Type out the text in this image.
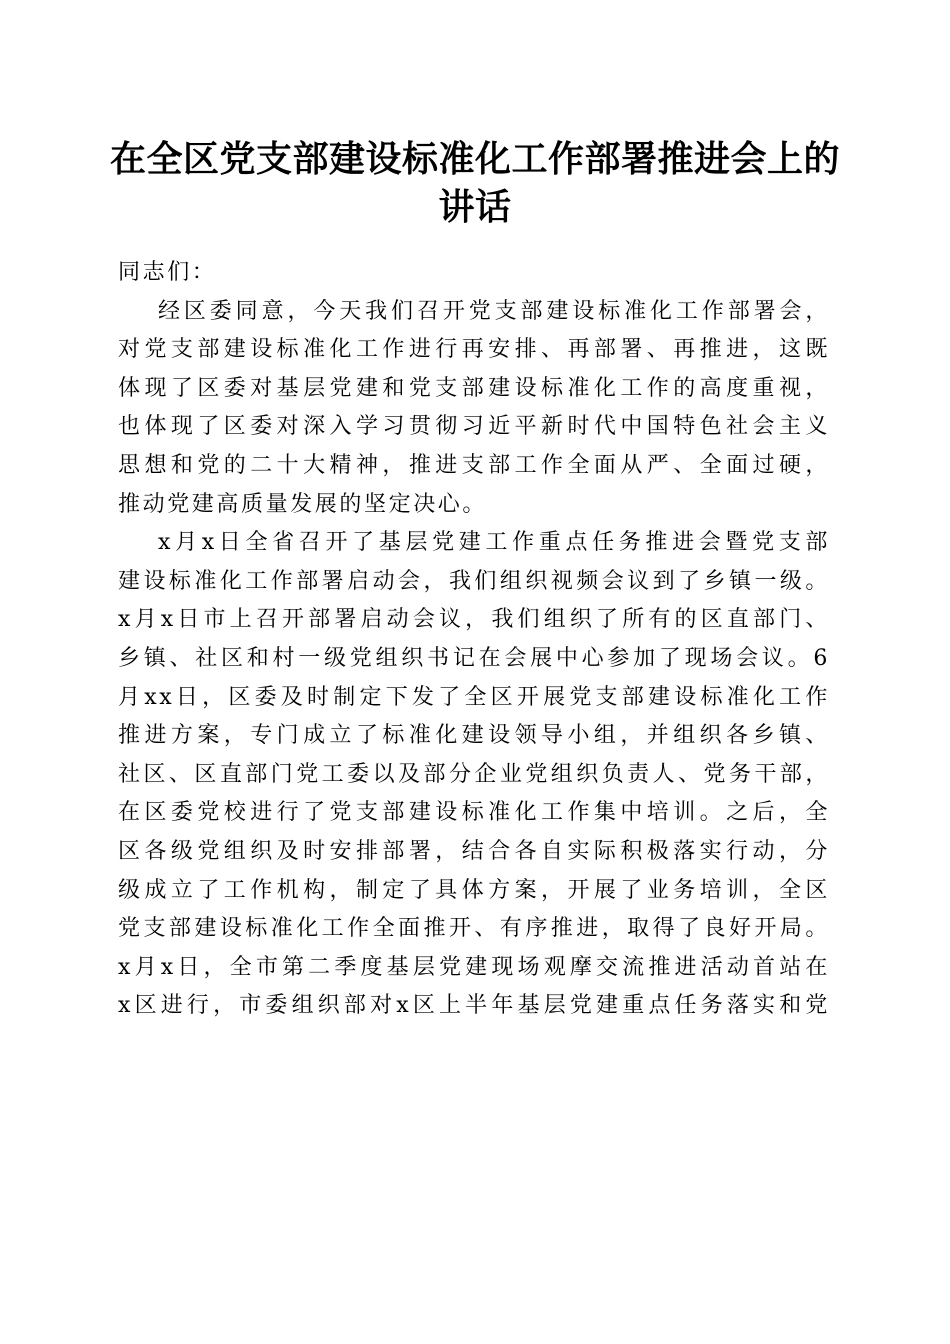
在全区党支部建设标准化工作部署推进会上的
讲话
同志们：
经区委同意，今天我们召开党支部建设标准化工作部署会，
对党支部建设标准化工作进行再安排、再部署、再推进，这既
体现了区委对基层党建和党支部建设标准化工作的高度重视，
也体现了区委对深入学习贯彻习近平新时代中国特色社会主义
思想和党的二十大精神，推进支部工作全面从严、全面过硬，
推动党建高质量发展的坚定决心。
x月x日全省召开了基层党建工作重点任务推进会暨党支部
建设标准化工作部署启动会，我们组织视频会议到了乡镇一级。
x月x日市上召开部署启动会议，我们组织了所有的区直部门、
乡镇、社区和村一级党组织书记在会展中心参加了现场会议。6
月xx日，区委及时制定下发了全区开展党支部建设标准化工作
推进方案，专门成立了标准化建设领导小组，并组织各乡镇、
社区、区直部门党工委以及部分企业党组织负责人、党务干部，
在区委党校进行了党支部建设标准化工作集中培训。之后，全
区各级党组织及时安排部署，结合各自实际积极落实行动，分
级成立了工作机构，制定了具体方案，开展了业务培训，全区
党支部建设标准化工作全面推开、有序推进，取得了良好开局。
x月x日，全市第二季度基层党建现场观摩交流推进活动首站在
x区进行，市委组织部对x区上半年基层党建重点任务落实和党
